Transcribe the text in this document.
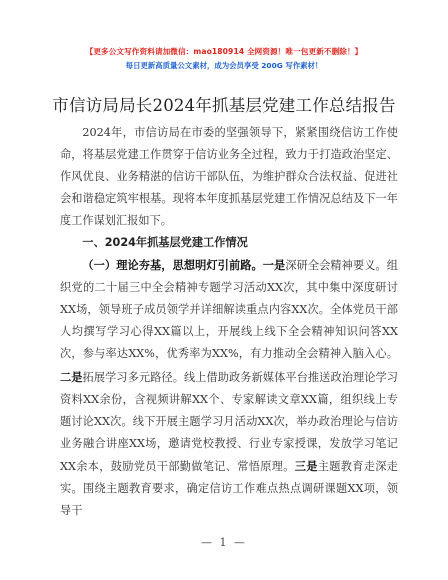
【更多公文写作资料请加微信：mao180914 全网资源！唯一包更新不删除！】
每日更新高质量公文素材，成为会员享受 200G 写作素材！
市信访局局长2024年抓基层党建工作总结报告

2024年，市信访局在市委的坚强领导下，紧紧围绕信访工作使命，将基层党建工作贯穿于信访业务全过程，致力于打造政治坚定、作风优良、业务精湛的信访干部队伍，为维护群众合法权益、促进社会和谐稳定筑牢根基。现将本年度抓基层党建工作情况总结及下一年度工作谋划汇报如下。

一、2024年抓基层党建工作情况

（一）理论夯基，思想明灯引前路。一是深研全会精神要义。组织党的二十届三中全会精神专题学习活动XX次，其中集中深度研讨XX场，领导班子成员领学并详细解读重点内容XX次。全体党员干部人均撰写学习心得XX篇以上，开展线上线下全会精神知识问答XX次，参与率达XX%，优秀率为XX%，有力推动全会精神入脑入心。二是拓展学习多元路径。线上借助政务新媒体平台推送政治理论学习资料XX余份，含视频讲解XX个、专家解读文章XX篇，组织线上专题讨论XX次。线下开展主题学习月活动XX次，举办政治理论与信访业务融合讲座XX场，邀请党校教授、行业专家授课，发放学习笔记XX余本，鼓励党员干部勤做笔记、常悟原理。三是主题教育走深走实。围绕主题教育要求，确定信访工作难点热点调研课题XX项，领导干

— 1 —
